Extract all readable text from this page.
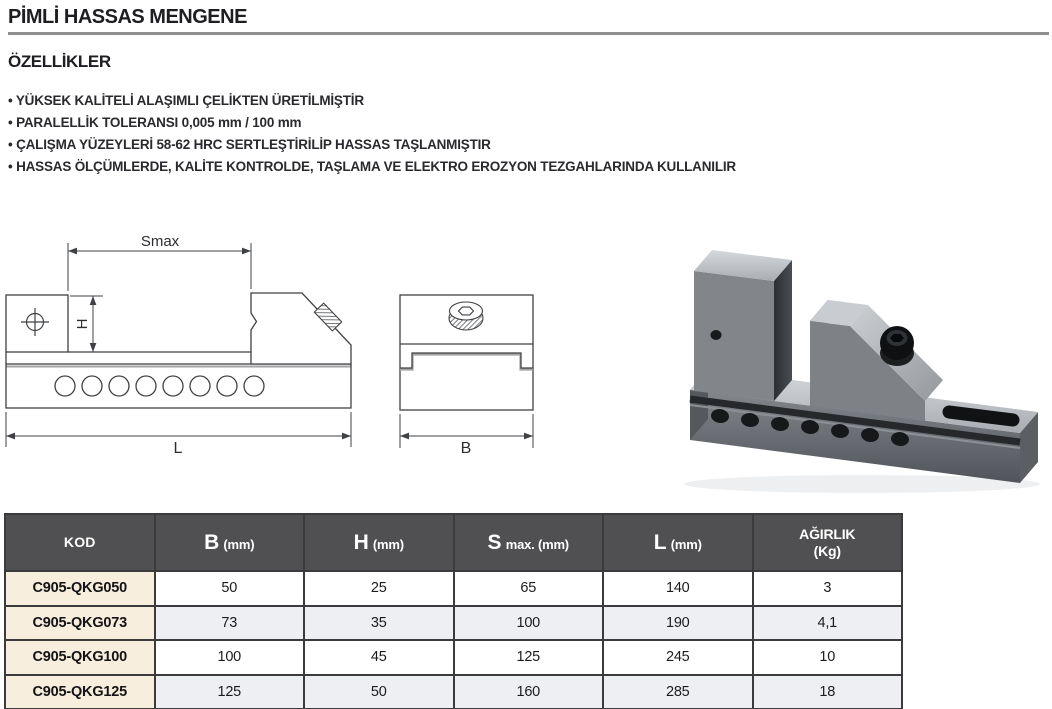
PİMLİ HASSAS MENGENE
ÖZELLİKLER
• YÜKSEK KALİTELİ ALAŞIMLI ÇELİKTEN ÜRETİLMİŞTİR
• PARALELLİK TOLERANSI 0,005 mm / 100 mm
• ÇALIŞMA YÜZEYLERİ 58-62 HRC SERTLEŞTİRİLİP HASSAS TAŞLANMIŞTIR
• HASSAS ÖLÇÜMLERDE, KALİTE KONTROLDE, TAŞLAMA VE ELEKTRO EROZYON TEZGAHLARINDA KULLANILIR
Smax
H
L	B
KOD	B (mm)	H (mm)	S max. (mm)	L (mm)	AĞIRLIK
(Kg)
C905-QKG050	50	25	65	140	3
C905-QKG073	73	35	100	190	4,1
C905-QKG100	100	45	125	245	10
C905-QKG125	125	50	160	285	18
